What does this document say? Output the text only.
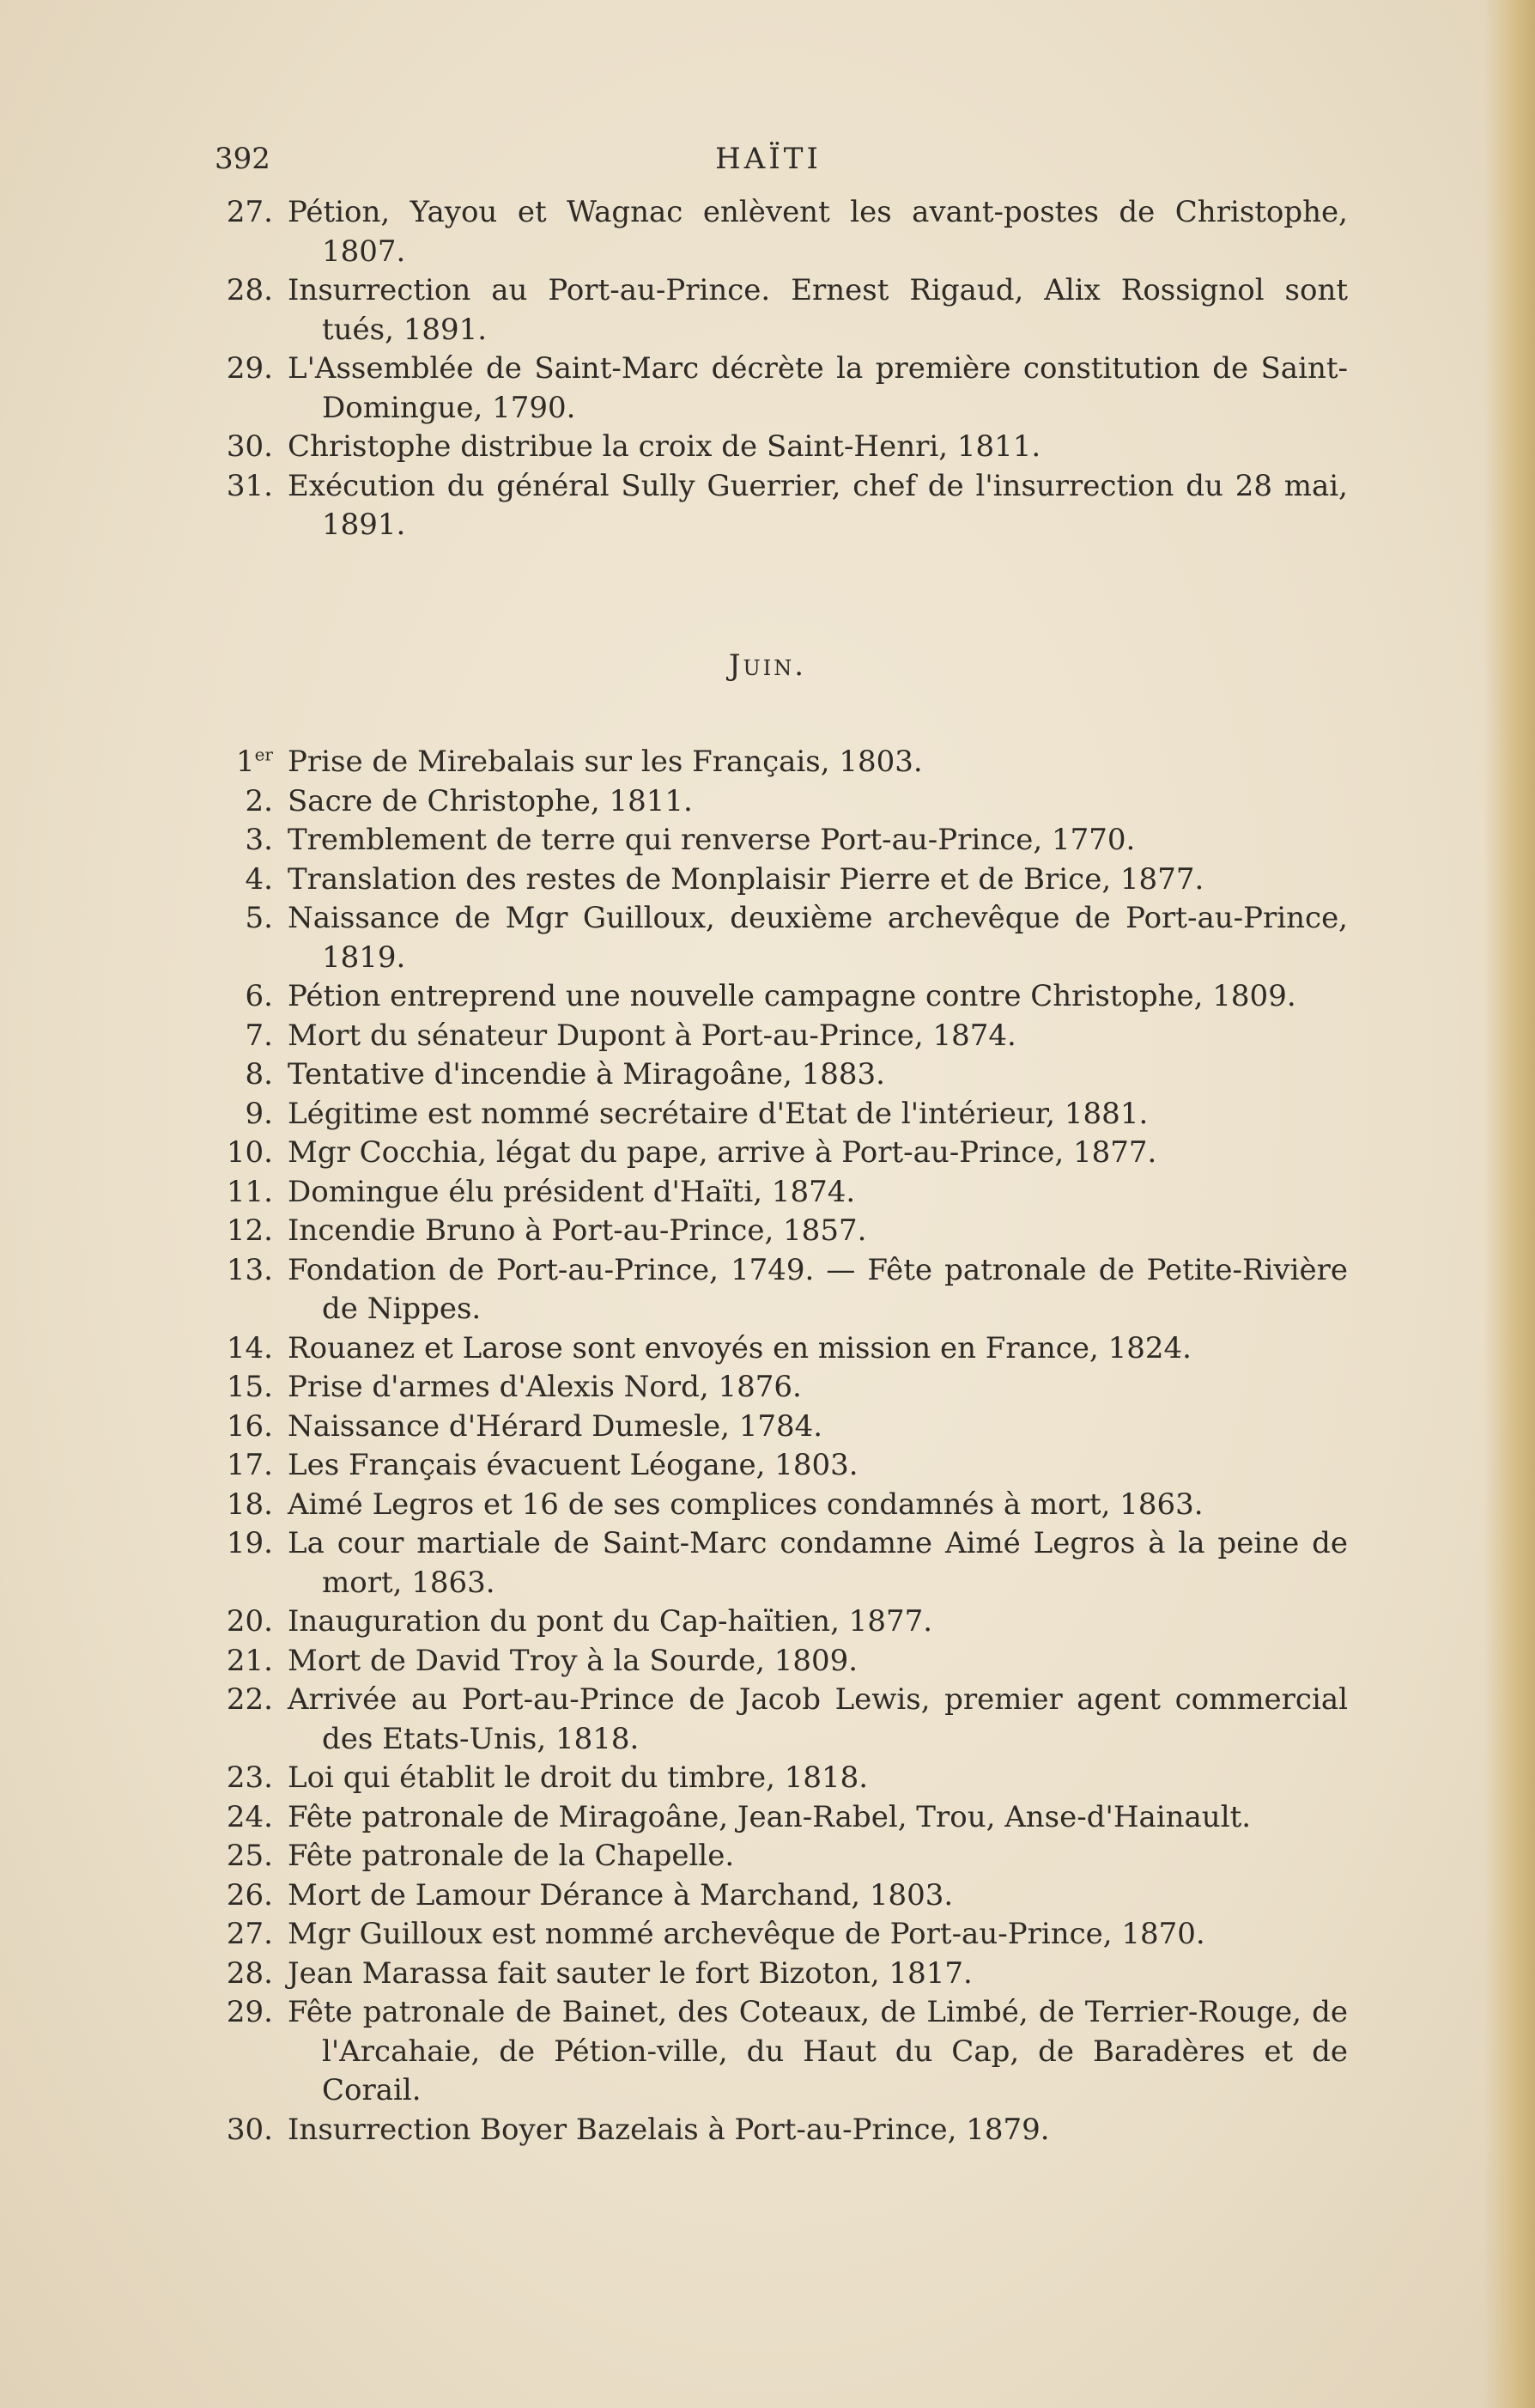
HAÏTI
392
27. Pétion, Yayou et Wagnac enlèvent les avant-postes de Christophe, 1807.
28. Insurrection au Port-au-Prince. Ernest Rigaud, Alix Rossignol sont tués, 1891.
29. L'Assemblée de Saint-Marc décrète la première constitution de Saint-Domingue, 1790.
30. Christophe distribue la croix de Saint-Henri, 1811.
31. Exécution du général Sully Guerrier, chef de l'insurrection du 28 mai, 1891.
Juin.
1er Prise de Mirebalais sur les Français, 1803.
2. Sacre de Christophe, 1811.
3. Tremblement de terre qui renverse Port-au-Prince, 1770.
4. Translation des restes de Monplaisir Pierre et de Brice, 1877.
5. Naissance de Mgr Guilloux, deuxième archevêque de Port-au-Prince, 1819.
6. Pétion entreprend une nouvelle campagne contre Christophe, 1809.
7. Mort du sénateur Dupont à Port-au-Prince, 1874.
8. Tentative d'incendie à Miragoâne, 1883.
9. Légitime est nommé secrétaire d'Etat de l'intérieur, 1881.
10. Mgr Cocchia, légat du pape, arrive à Port-au-Prince, 1877.
11. Domingue élu président d'Haïti, 1874.
12. Incendie Bruno à Port-au-Prince, 1857.
13. Fondation de Port-au-Prince, 1749. — Fête patronale de Petite-Rivière de Nippes.
14. Rouanez et Larose sont envoyés en mission en France, 1824.
15. Prise d'armes d'Alexis Nord, 1876.
16. Naissance d'Hérard Dumesle, 1784.
17. Les Français évacuent Léogane, 1803.
18. Aimé Legros et 16 de ses complices condamnés à mort, 1863.
19. La cour martiale de Saint-Marc condamne Aimé Legros à la peine de mort, 1863.
20. Inauguration du pont du Cap-haïtien, 1877.
21. Mort de David Troy à la Sourde, 1809.
22. Arrivée au Port-au-Prince de Jacob Lewis, premier agent commercial des Etats-Unis, 1818.
23. Loi qui établit le droit du timbre, 1818.
24. Fête patronale de Miragoâne, Jean-Rabel, Trou, Anse-d'Hainault.
25. Fête patronale de la Chapelle.
26. Mort de Lamour Dérance à Marchand, 1803.
27. Mgr Guilloux est nommé archevêque de Port-au-Prince, 1870.
28. Jean Marassa fait sauter le fort Bizoton, 1817.
29. Fête patronale de Bainet, des Coteaux, de Limbé, de Terrier-Rouge, de l'Arcahaie, de Pétion-ville, du Haut du Cap, de Baradères et de Corail.
30. Insurrection Boyer Bazelais à Port-au-Prince, 1879.
